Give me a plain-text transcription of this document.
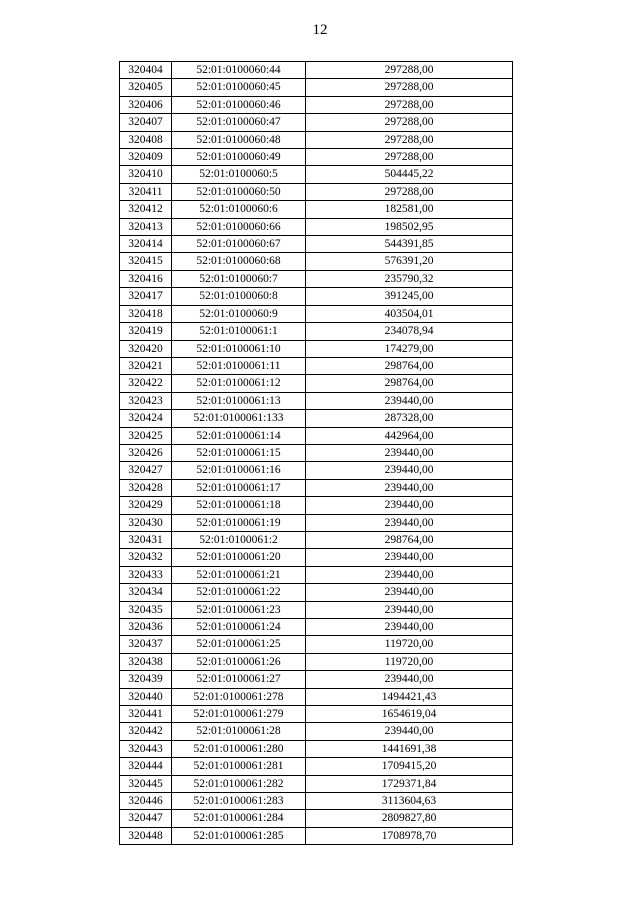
12
320404	52:01:0100060:44	297288,00
320405	52:01:0100060:45	297288,00
320406	52:01:0100060:46	297288,00
320407	52:01:0100060:47	297288,00
320408	52:01:0100060:48	297288,00
320409	52:01:0100060:49	297288,00
320410	52:01:0100060:5	504445,22
320411	52:01:0100060:50	297288,00
320412	52:01:0100060:6	182581,00
320413	52:01:0100060:66	198502,95
320414	52:01:0100060:67	544391,85
320415	52:01:0100060:68	576391,20
320416	52:01:0100060:7	235790,32
320417	52:01:0100060:8	391245,00
320418	52:01:0100060:9	403504,01
320419	52:01:0100061:1	234078,94
320420	52:01:0100061:10	174279,00
320421	52:01:0100061:11	298764,00
320422	52:01:0100061:12	298764,00
320423	52:01:0100061:13	239440,00
320424	52:01:0100061:133	287328,00
320425	52:01:0100061:14	442964,00
320426	52:01:0100061:15	239440,00
320427	52:01:0100061:16	239440,00
320428	52:01:0100061:17	239440,00
320429	52:01:0100061:18	239440,00
320430	52:01:0100061:19	239440,00
320431	52:01:0100061:2	298764,00
320432	52:01:0100061:20	239440,00
320433	52:01:0100061:21	239440,00
320434	52:01:0100061:22	239440,00
320435	52:01:0100061:23	239440,00
320436	52:01:0100061:24	239440,00
320437	52:01:0100061:25	119720,00
320438	52:01:0100061:26	119720,00
320439	52:01:0100061:27	239440,00
320440	52:01:0100061:278	1494421,43
320441	52:01:0100061:279	1654619,04
320442	52:01:0100061:28	239440,00
320443	52:01:0100061:280	1441691,38
320444	52:01:0100061:281	1709415,20
320445	52:01:0100061:282	1729371,84
320446	52:01:0100061:283	3113604,63
320447	52:01:0100061:284	2809827,80
320448	52:01:0100061:285	1708978,70
